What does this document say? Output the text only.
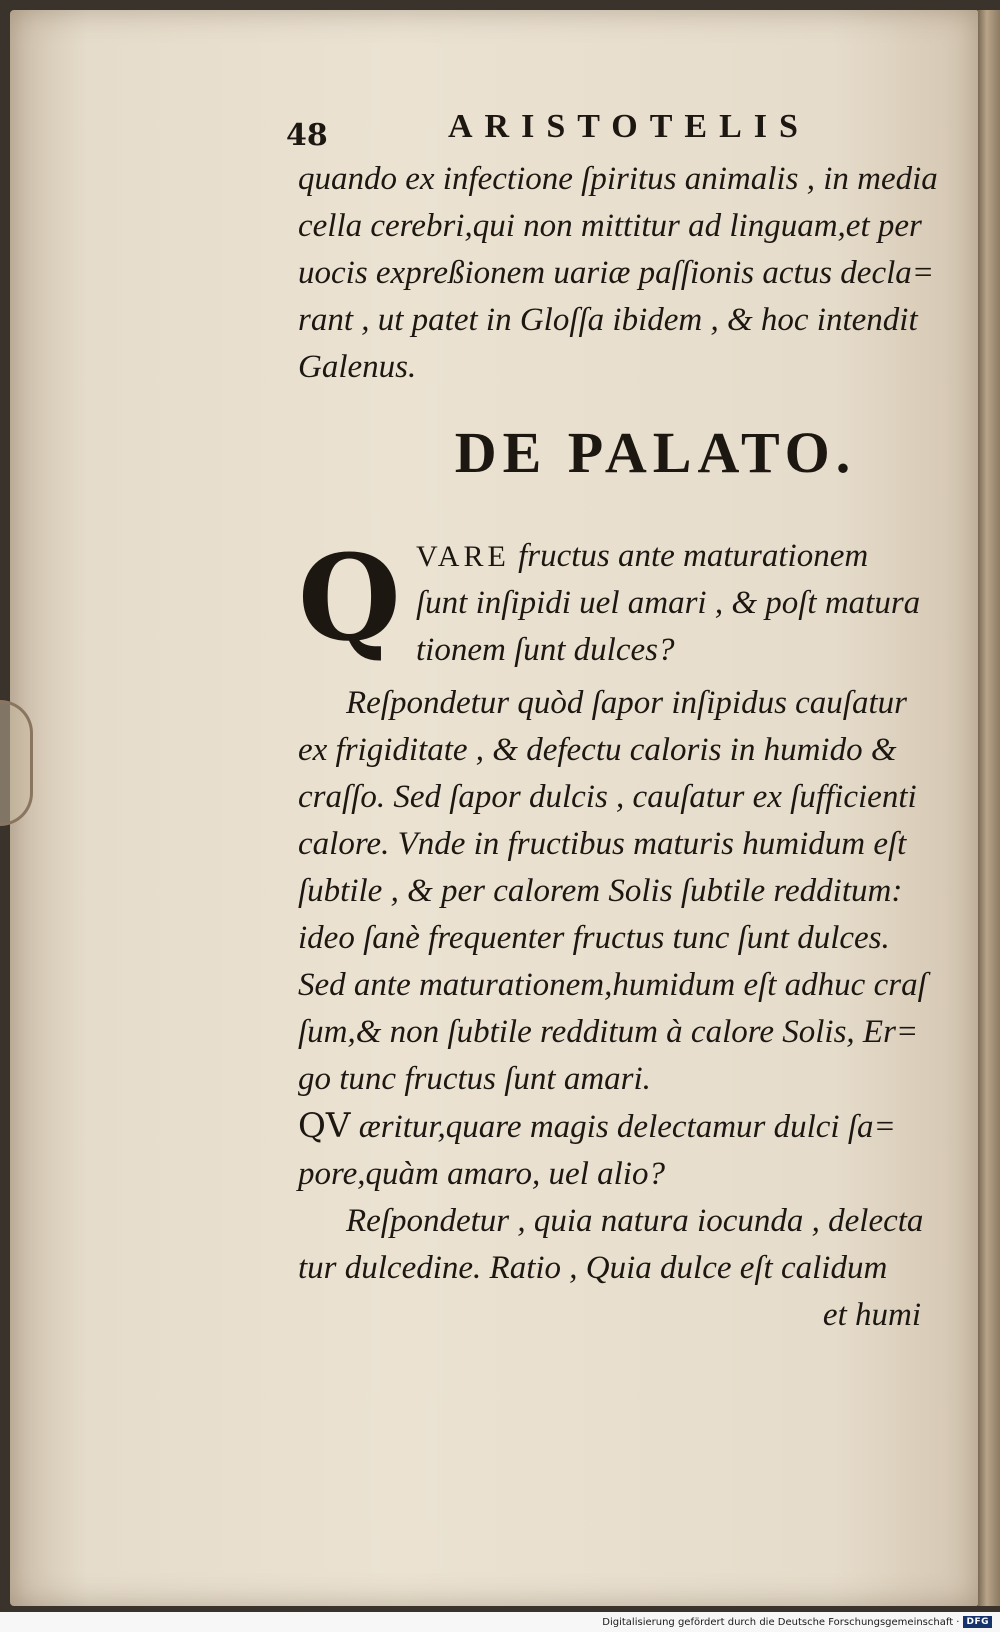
48	ARISTOTELIS

quando ex infectione ſpiritus animalis , in media

cella cerebri,qui non mittitur ad linguam,et per

uocis expreßionem uariæ paſſionis actus decla=

rant , ut patet in Gloſſa ibidem , & hoc intendit

Galenus.

DE PALATO.
Q VARE fructus ante maturationem

ſunt inſipidi uel amari , & poſt matura

tionem ſunt dulces?

Reſpondetur quòd ſapor inſipidus cauſatur

ex frigiditate , & defectu caloris in humido &

craſſo. Sed ſapor dulcis , cauſatur ex ſufficienti

calore. Vnde in fructibus maturis humidum eſt

ſubtile , & per calorem Solis ſubtile redditum:

ideo ſanè frequenter fructus tunc ſunt dulces.

Sed ante maturationem,humidum eſt adhuc craſ

ſum,& non ſubtile redditum à calore Solis, Er=

go tunc fructus ſunt amari.

QV æritur,quare magis delectamur dulci ſa=

pore,quàm amaro, uel alio?

Reſpondetur , quia natura iocunda , delecta

tur dulcedine. Ratio , Quia dulce eſt calidum

et humi

Digitalisierung gefördert durch die Deutsche Forschungsgemeinschaft · DFG
